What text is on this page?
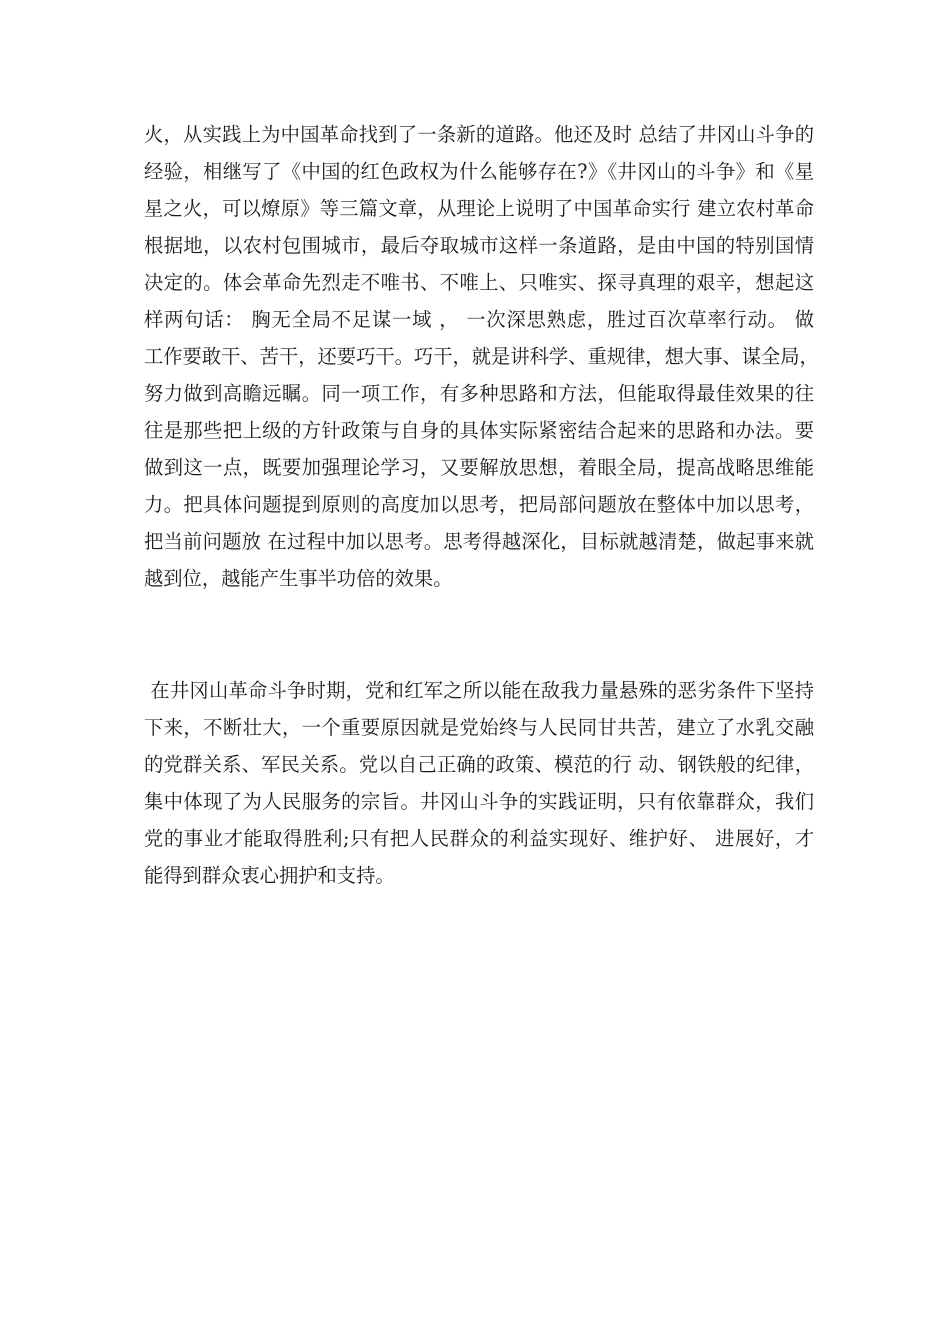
火，从实践上为中国革命找到了一条新的道路。他还及时 总结了井冈山斗争的
经验，相继写了《中国的红色政权为什么能够存在?》《井冈山的斗争》和《星
星之火，可以燎原》等三篇文章，从理论上说明了中国革命实行 建立农村革命
根据地，以农村包围城市，最后夺取城市这样一条道路，是由中国的特别国情
决定的。体会革命先烈走不唯书、不唯上、只唯实、探寻真理的艰辛，想起这
样两句话： 胸无全局不足谋一域 ， 一次深思熟虑，胜过百次草率行动。 做
工作要敢干、苦干，还要巧干。巧干，就是讲科学、重规律，想大事、谋全局，
努力做到高瞻远瞩。同一项工作，有多种思路和方法，但能取得最佳效果的往
往是那些把上级的方针政策与自身的具体实际紧密结合起来的思路和办法。要
做到这一点，既要加强理论学习，又要解放思想，着眼全局，提高战略思维能
力。把具体问题提到原则的高度加以思考，把局部问题放在整体中加以思考，
把当前问题放 在过程中加以思考。思考得越深化，目标就越清楚，做起事来就
越到位，越能产生事半功倍的效果。
在井冈山革命斗争时期，党和红军之所以能在敌我力量悬殊的恶劣条件下坚持
下来，不断壮大，一个重要原因就是党始终与人民同甘共苦，建立了水乳交融
的党群关系、军民关系。党以自己正确的政策、模范的行 动、钢铁般的纪律，
集中体现了为人民服务的宗旨。井冈山斗争的实践证明，只有依靠群众，我们
党的事业才能取得胜利;只有把人民群众的利益实现好、维护好、 进展好，才
能得到群众衷心拥护和支持。
